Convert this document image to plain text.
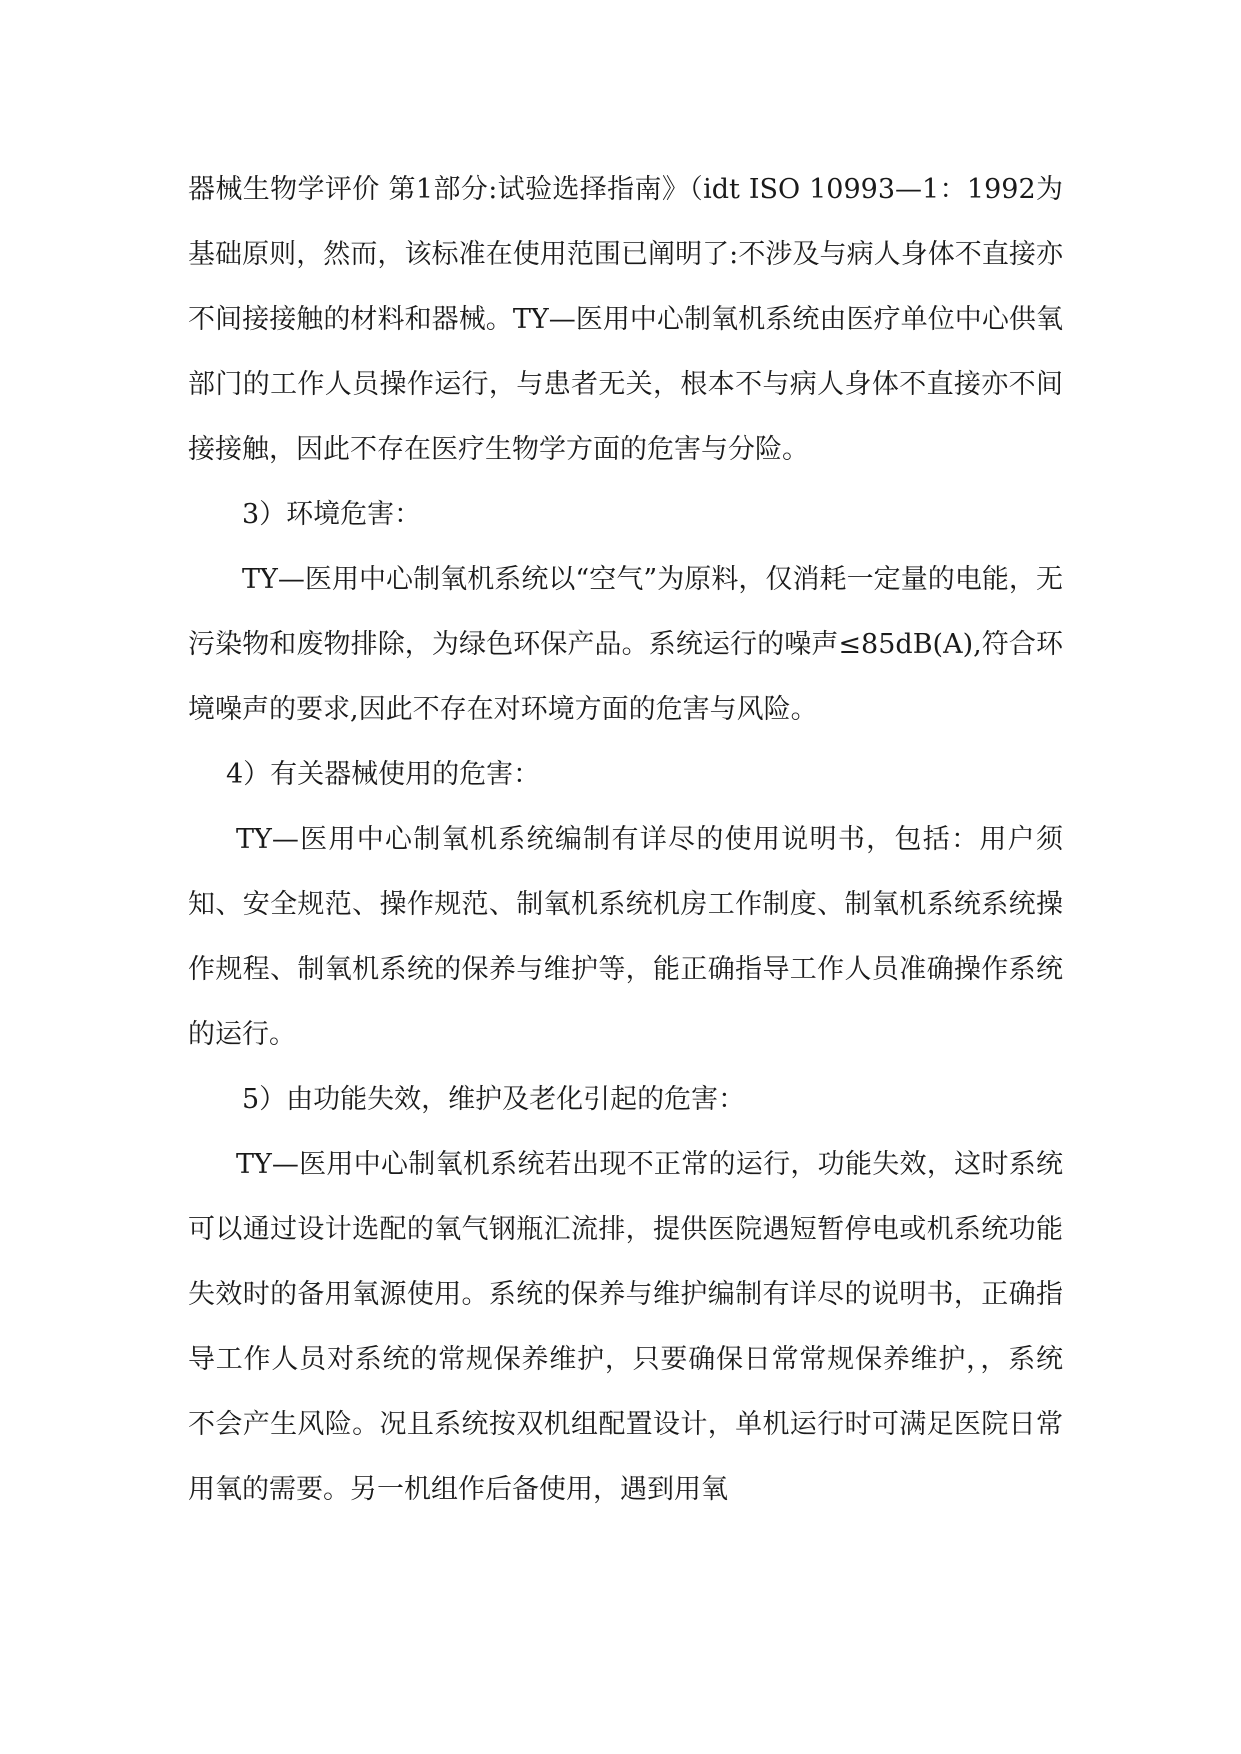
器械生物学评价 第1部分:试验选择指南》（idt ISO 10993—1：1992为基础原则，然而，该标准在使用范围已阐明了:不涉及与病人身体不直接亦不间接接触的材料和器械。TY—医用中心制氧机系统由医疗单位中心供氧部门的工作人员操作运行，与患者无关，根本不与病人身体不直接亦不间接接触，因此不存在医疗生物学方面的危害与分险。

3）环境危害：

TY—医用中心制氧机系统以“空气”为原料，仅消耗一定量的电能，无污染物和废物排除，为绿色环保产品。系统运行的噪声≤85dB(A),符合环境噪声的要求,因此不存在对环境方面的危害与风险。

4）有关器械使用的危害：

TY—医用中心制氧机系统编制有详尽的使用说明书，包括：用户须知、安全规范、操作规范、制氧机系统机房工作制度、制氧机系统系统操作规程、制氧机系统的保养与维护等，能正确指导工作人员准确操作系统的运行。

5）由功能失效，维护及老化引起的危害：

TY—医用中心制氧机系统若出现不正常的运行，功能失效，这时系统可以通过设计选配的氧气钢瓶汇流排，提供医院遇短暂停电或机系统功能失效时的备用氧源使用。系统的保养与维护编制有详尽的说明书，正确指导工作人员对系统的常规保养维护，只要确保日常常规保养维护，，系统不会产生风险。况且系统按双机组配置设计，单机运行时可满足医院日常用氧的需要。另一机组作后备使用，遇到用氧
